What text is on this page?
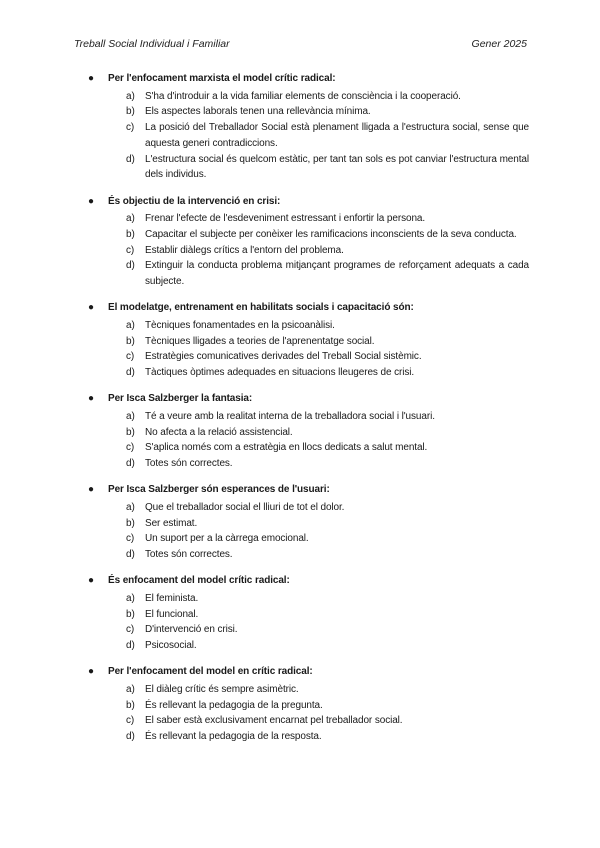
Treball Social Individual i Familiar	Gener 2025
● Per l'enfocament marxista el model crític radical:
a) S'ha d'introduir a la vida familiar elements de consciència i la cooperació.
b) Els aspectes laborals tenen una rellevància mínima.
c) La posició del Treballador Social està plenament lligada a l'estructura social, sense que aquesta generi contradiccions.
d) L'estructura social és quelcom estàtic, per tant tan sols es pot canviar l'estructura mental dels individus.
● És objectiu de la intervenció en crisi:
a) Frenar l'efecte de l'esdeveniment estressant i enfortir la persona.
b) Capacitar el subjecte per conèixer les ramificacions inconscients de la seva conducta.
c) Establir diàlegs crítics a l'entorn del problema.
d) Extinguir la conducta problema mitjançant programes de reforçament adequats a cada subjecte.
● El modelatge, entrenament en habilitats socials i capacitació són:
a) Tècniques fonamentades en la psicoanàlisi.
b) Tècniques lligades a teories de l'aprenentatge social.
c) Estratègies comunicatives derivades del Treball Social sistèmic.
d) Tàctiques òptimes adequades en situacions lleugeres de crisi.
● Per Isca Salzberger la fantasia:
a) Té a veure amb la realitat interna de la treballadora social i l'usuari.
b) No afecta a la relació assistencial.
c) S'aplica només com a estratègia en llocs dedicats a salut mental.
d) Totes són correctes.
● Per Isca Salzberger són esperances de l'usuari:
a) Que el treballador social el lliuri de tot el dolor.
b) Ser estimat.
c) Un suport per a la càrrega emocional.
d) Totes són correctes.
● És enfocament del model crític radical:
a) El feminista.
b) El funcional.
c) D'intervenció en crisi.
d) Psicosocial.
● Per l'enfocament del model en crític radical:
a) El diàleg crític és sempre asimètric.
b) És rellevant la pedagogia de la pregunta.
c) El saber està exclusivament encarnat pel treballador social.
d) És rellevant la pedagogia de la resposta.
